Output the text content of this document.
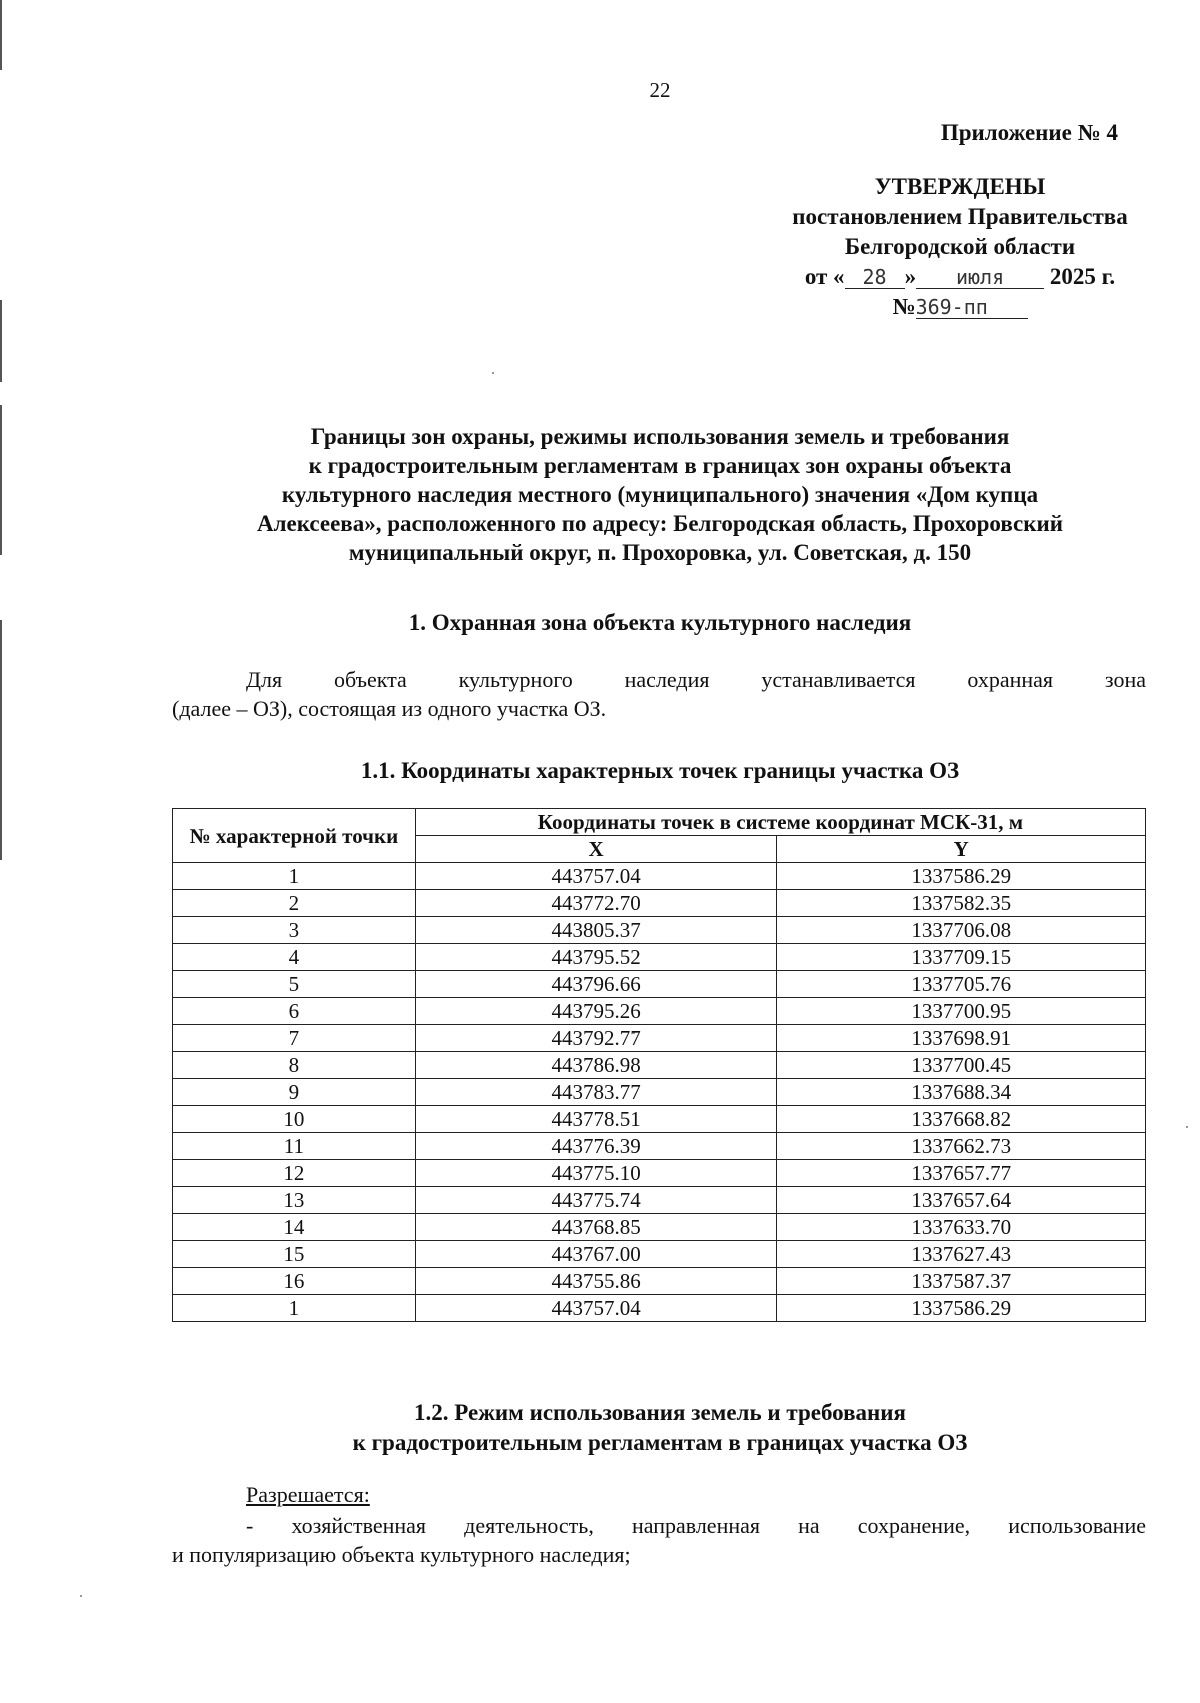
22
Приложение № 4
УТВЕРЖДЕНЫ
постановлением Правительства
Белгородской области
от « 28 » июля 2025 г.
№369-пп
Границы зон охраны, режимы использования земель и требования
к градостроительным регламентам в границах зон охраны объекта
культурного наследия местного (муниципального) значения «Дом купца
Алексеева», расположенного по адресу: Белгородская область, Прохоровский
муниципальный округ, п. Прохоровка, ул. Советская, д. 150
1. Охранная зона объекта культурного наследия
Для объекта культурного наследия устанавливается охранная зона
(далее – ОЗ), состоящая из одного участка ОЗ.
1.1. Координаты характерных точек границы участка ОЗ
№ характерной точки	Координаты точек в системе координат МСК-31, м	
	X	Y
1	443757.04	1337586.29
2	443772.70	1337582.35
3	443805.37	1337706.08
4	443795.52	1337709.15
5	443796.66	1337705.76
6	443795.26	1337700.95
7	443792.77	1337698.91
8	443786.98	1337700.45
9	443783.77	1337688.34
10	443778.51	1337668.82
11	443776.39	1337662.73
12	443775.10	1337657.77
13	443775.74	1337657.64
14	443768.85	1337633.70
15	443767.00	1337627.43
16	443755.86	1337587.37
1	443757.04	1337586.29
1.2. Режим использования земель и требования
к градостроительным регламентам в границах участка ОЗ
Разрешается:
- хозяйственная деятельность, направленная на сохранение, использование
и популяризацию объекта культурного наследия;
